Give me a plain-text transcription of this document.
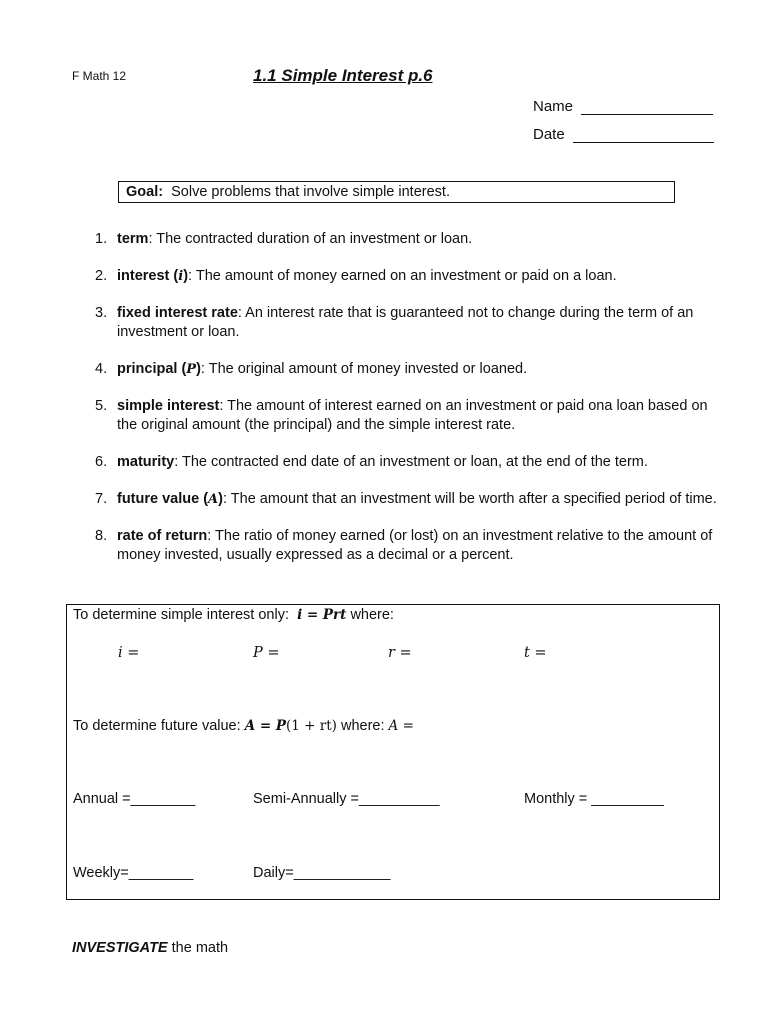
F Math 12	1.1 Simple Interest p.6
Name
Date
Goal: Solve problems that involve simple interest.
1. term: The contracted duration of an investment or loan.
2. interest (i): The amount of money earned on an investment or paid on a loan.
3. fixed interest rate: An interest rate that is guaranteed not to change during the term of an investment or loan.
4. principal (P): The original amount of money invested or loaned.
5. simple interest: The amount of interest earned on an investment or paid ona loan based on the original amount (the principal) and the simple interest rate.
6. maturity: The contracted end date of an investment or loan, at the end of the term.
7. future value (A): The amount that an investment will be worth after a specified period of time.
8. rate of return: The ratio of money earned (or lost) on an investment relative to the amount of money invested, usually expressed as a decimal or a percent.
To determine simple interest only: i = Prt where:
i =	P =	r =	t =
To determine future value: A = P(1 + rt) where: A =
Annual =________	Semi-Annually =__________	Monthly = _________
Weekly=________	Daily=____________
INVESTIGATE the math
